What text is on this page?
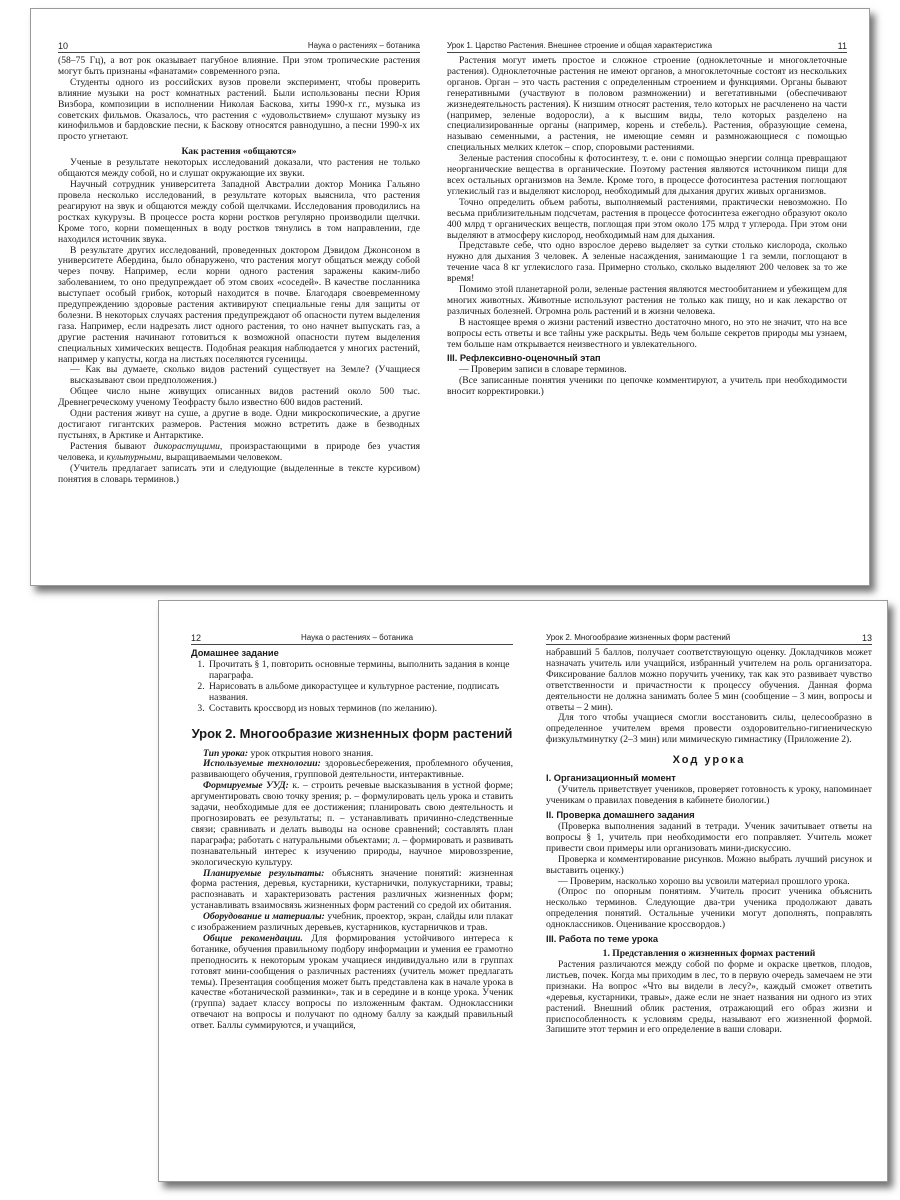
10	Наука о растениях – ботаника

(58–75 Гц), а вот рок оказывает пагубное влияние. При этом тропические растения могут быть признаны «фанатами» современного рэпа.

Студенты одного из российских вузов провели эксперимент, чтобы проверить влияние музыки на рост комнатных растений. Были использованы песни Юрия Визбора, композиции в исполнении Николая Баскова, хиты 1990-х гг., музыка из советских фильмов. Оказалось, что растения с «удовольствием» слушают музыку из кинофильмов и бардовские песни, к Баскову относятся равнодушно, а песни 1990-х их просто угнетают.

Как растения «общаются»

Ученые в результате некоторых исследований доказали, что растения не только общаются между собой, но и слушат окружающие их звуки.

Научный сотрудник университета Западной Австралии доктор Моника Гальяно провела несколько исследований, в результате которых выяснила, что растения реагируют на звук и общаются между собой щелчками. Исследования проводились на ростках кукурузы. В процессе роста корни ростков регулярно производили щелчки. Кроме того, корни помещенных в воду ростков тянулись в том направлении, где находился источник звука.

В результате других исследований, проведенных доктором Дэвидом Джонсоном в университете Абердина, было обнаружено, что растения могут общаться между собой через почву. Например, если корни одного растения заражены каким-либо заболеванием, то оно предупреждает об этом своих «соседей». В качестве посланника выступает особый грибок, который находится в почве. Благодаря своевременному предупреждению здоровые растения активируют специальные гены для защиты от болезни. В некоторых случаях растения предупреждают об опасности путем выделения газа. Например, если надрезать лист одного растения, то оно начнет выпускать газ, а другие растения начинают готовиться к возможной опасности путем выделения специальных химических веществ. Подобная реакция наблюдается у многих растений, например у капусты, когда на листьях поселяются гусеницы.

— Как вы думаете, сколько видов растений существует на Земле? (Учащиеся высказывают свои предположения.)

Общее число ныне живущих описанных видов растений около 500 тыс. Древнегреческому ученому Теофрасту было известно 600 видов растений.

Одни растения живут на суше, а другие в воде. Одни микроскопические, а другие достигают гигантских размеров. Растения можно встретить даже в безводных пустынях, в Арктике и Антарктике.

Растения бывают дикорастущими, произрастающими в природе без участия человека, и культурными, выращиваемыми человеком.

(Учитель предлагает записать эти и следующие (выделенные в тексте курсивом) понятия в словарь терминов.)

Урок 1. Царство Растения. Внешнее строение и общая характеристика	11

Растения могут иметь простое и сложное строение (одноклеточные и многоклеточные растения). Одноклеточные растения не имеют органов, а многоклеточные состоят из нескольких органов. Орган – это часть растения с определенным строением и функциями. Органы бывают генеративными (участвуют в половом размножении) и вегетативными (обеспечивают жизнедеятельность растения). К низшим относят растения, тело которых не расчленено на части (например, зеленые водоросли), а к высшим виды, тело которых разделено на специализированные органы (например, корень и стебель). Растения, образующие семена, называю семенными, а растения, не имеющие семян и размножающиеся с помощью специальных мелких клеток – спор, споровыми растениями.

Зеленые растения способны к фотосинтезу, т. е. они с помощью энергии солнца превращают неорганические вещества в органические. Поэтому растения являются источником пищи для всех остальных организмов на Земле. Кроме того, в процессе фотосинтеза растения поглощают углекислый газ и выделяют кислород, необходимый для дыхания других живых организмов.

Точно определить объем работы, выполняемый растениями, практически невозможно. По весьма приблизительным подсчетам, растения в процессе фотосинтеза ежегодно образуют около 400 млрд т органических веществ, поглощая при этом около 175 млрд т углерода. При этом они выделяют в атмосферу кислород, необходимый нам для дыхания.

Представьте себе, что одно взрослое дерево выделяет за сутки столько кислорода, сколько нужно для дыхания 3 человек. А зеленые насаждения, занимающие 1 га земли, поглощают в течение часа 8 кг углекислого газа. Примерно столько, сколько выделяют 200 человек за то же время!

Помимо этой планетарной роли, зеленые растения являются местообитанием и убежищем для многих животных. Животные используют растения не только как пищу, но и как лекарство от различных болезней. Огромна роль растений и в жизни человека.

В настоящее время о жизни растений известно достаточно много, но это не значит, что на все вопросы есть ответы и все тайны уже раскрыты. Ведь чем больше секретов природы мы узнаем, тем больше нам открывается неизвестного и увлекательного.

III. Рефлексивно-оценочный этап

— Проверим записи в словаре терминов.

(Все записанные понятия ученики по цепочке комментируют, а учитель при необходимости вносит корректировки.)

12	Наука о растениях – ботаника
Домашнее задание
1. Прочитать § 1, повторить основные термины, выполнить задания в конце параграфа.
2. Нарисовать в альбоме дикорастущее и культурное растение, подписать названия.
3. Составить кроссворд из новых терминов (по желанию).
Урок 2. Многообразие жизненных форм растений

Тип урока: урок открытия нового знания.

Используемые технологии: здоровьесбережения, проблемного обучения, развивающего обучения, групповой деятельности, интерактивные.

Формируемые УУД: к. – строить речевые высказывания в устной форме; аргументировать свою точку зрения; р. – формулировать цель урока и ставить задачи, необходимые для ее достижения; планировать свою деятельность и прогнозировать ее результаты; п. – устанавливать причинно-следственные связи; сравнивать и делать выводы на основе сравнений; составлять план параграфа; работать с натуральными объектами; л. – формировать и развивать познавательный интерес к изучению природы, научное мировоззрение, экологическую культуру.

Планируемые результаты: объяснять значение понятий: жизненная форма растения, деревья, кустарники, кустарнички, полукустарники, травы; распознавать и характеризовать растения различных жизненных форм; устанавливать взаимосвязь жизненных форм растений со средой их обитания.

Оборудование и материалы: учебник, проектор, экран, слайды или плакат с изображением различных деревьев, кустарников, кустарничков и трав.

Общие рекомендации. Для формирования устойчивого интереса к ботанике, обучения правильному подбору информации и умения ее грамотно преподносить к некоторым урокам учащиеся индивидуально или в группах готовят мини-сообщения о различных растениях (учитель может предлагать темы). Презентация сообщения может быть представлена как в начале урока в качестве «ботанической разминки», так и в середине и в конце урока. Ученик (группа) задает классу вопросы по изложенным фактам. Одноклассники отвечают на вопросы и получают по одному баллу за каждый правильный ответ. Баллы суммируются, и учащийся,

Урок 2. Многообразие жизненных форм растений	13

набравший 5 баллов, получает соответствующую оценку. Докладчиков может назначать учитель или учащийся, избранный учителем на роль организатора. Фиксирование баллов можно поручить ученику, так как это развивает чувство ответственности и причастности к процессу обучения. Данная форма деятельности не должна занимать более 5 мин (сообщение – 3 мин, вопросы и ответы – 2 мин).

Для того чтобы учащиеся смогли восстановить силы, целесообразно в определенное учителем время провести оздоровительно-гигиеническую физкультминутку (2–3 мин) или мимическую гимнастику (Приложение 2).

Ход урока
I. Организационный момент

(Учитель приветствует учеников, проверяет готовность к уроку, напоминает ученикам о правилах поведения в кабинете биологии.)

II. Проверка домашнего задания

(Проверка выполнения заданий в тетради. Ученик зачитывает ответы на вопросы § 1, учитель при необходимости его поправляет. Учитель может привести свои примеры или организовать мини-дискуссию.

Проверка и комментирование рисунков. Можно выбрать лучший рисунок и выставить оценку.)

— Проверим, насколько хорошо вы усвоили материал прошлого урока.

(Опрос по опорным понятиям. Учитель просит ученика объяснить несколько терминов. Следующие два-три ученика продолжают давать определения понятий. Остальные ученики могут дополнять, поправлять одноклассников. Оценивание кроссвордов.)

III. Работа по теме урока
1. Представления о жизненных формах растений

Растения различаются между собой по форме и окраске цветков, плодов, листьев, почек. Когда мы приходим в лес, то в первую очередь замечаем не эти признаки. На вопрос «Что вы видели в лесу?», каждый сможет ответить «деревья, кустарники, травы», даже если не знает названия ни одного из этих растений. Внешний облик растения, отражающий его образ жизни и приспособленность к условиям среды, называют его жизненной формой. Запишите этот термин и его определение в ваши словари.
